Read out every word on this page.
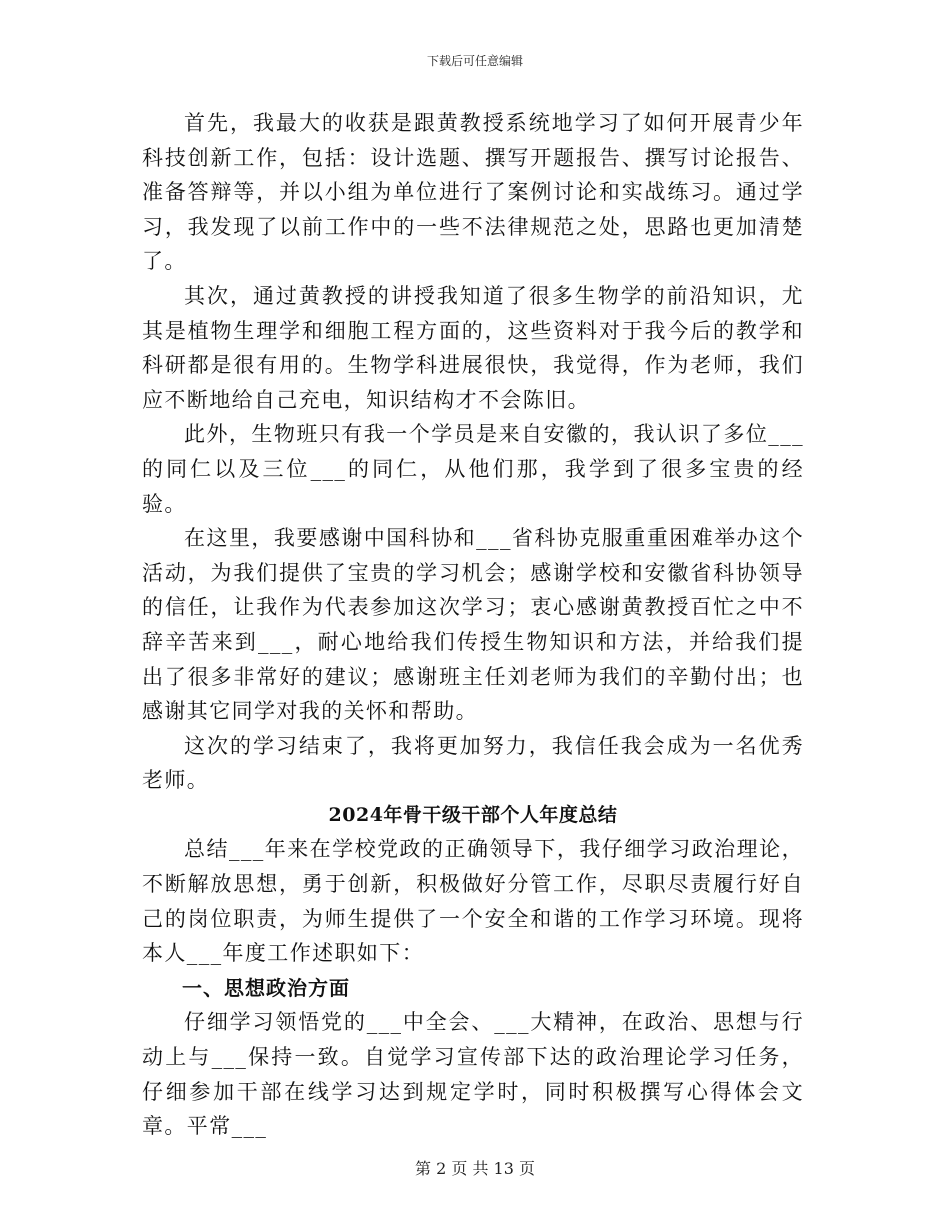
下载后可任意编辑

首先，我最大的收获是跟黄教授系统地学习了如何开展青少年科技创新工作，包括：设计选题、撰写开题报告、撰写讨论报告、准备答辩等，并以小组为单位进行了案例讨论和实战练习。通过学习，我发现了以前工作中的一些不法律规范之处，思路也更加清楚了。

其次，通过黄教授的讲授我知道了很多生物学的前沿知识，尤其是植物生理学和细胞工程方面的，这些资料对于我今后的教学和科研都是很有用的。生物学科进展很快，我觉得，作为老师，我们应不断地给自己充电，知识结构才不会陈旧。

此外，生物班只有我一个学员是来自安徽的，我认识了多位___的同仁以及三位___的同仁，从他们那，我学到了很多宝贵的经验。

在这里，我要感谢中国科协和___省科协克服重重困难举办这个活动，为我们提供了宝贵的学习机会；感谢学校和安徽省科协领导的信任，让我作为代表参加这次学习；衷心感谢黄教授百忙之中不辞辛苦来到___，耐心地给我们传授生物知识和方法，并给我们提出了很多非常好的建议；感谢班主任刘老师为我们的辛勤付出；也感谢其它同学对我的关怀和帮助。

这次的学习结束了，我将更加努力，我信任我会成为一名优秀老师。

2024年骨干级干部个人年度总结

总结___年来在学校党政的正确领导下，我仔细学习政治理论，不断解放思想，勇于创新，积极做好分管工作，尽职尽责履行好自己的岗位职责，为师生提供了一个安全和谐的工作学习环境。现将本人___年度工作述职如下：

一、思想政治方面

仔细学习领悟党的___中全会、___大精神，在政治、思想与行动上与___保持一致。自觉学习宣传部下达的政治理论学习任务，仔细参加干部在线学习达到规定学时，同时积极撰写心得体会文章。平常___

第 2 页 共 13 页
